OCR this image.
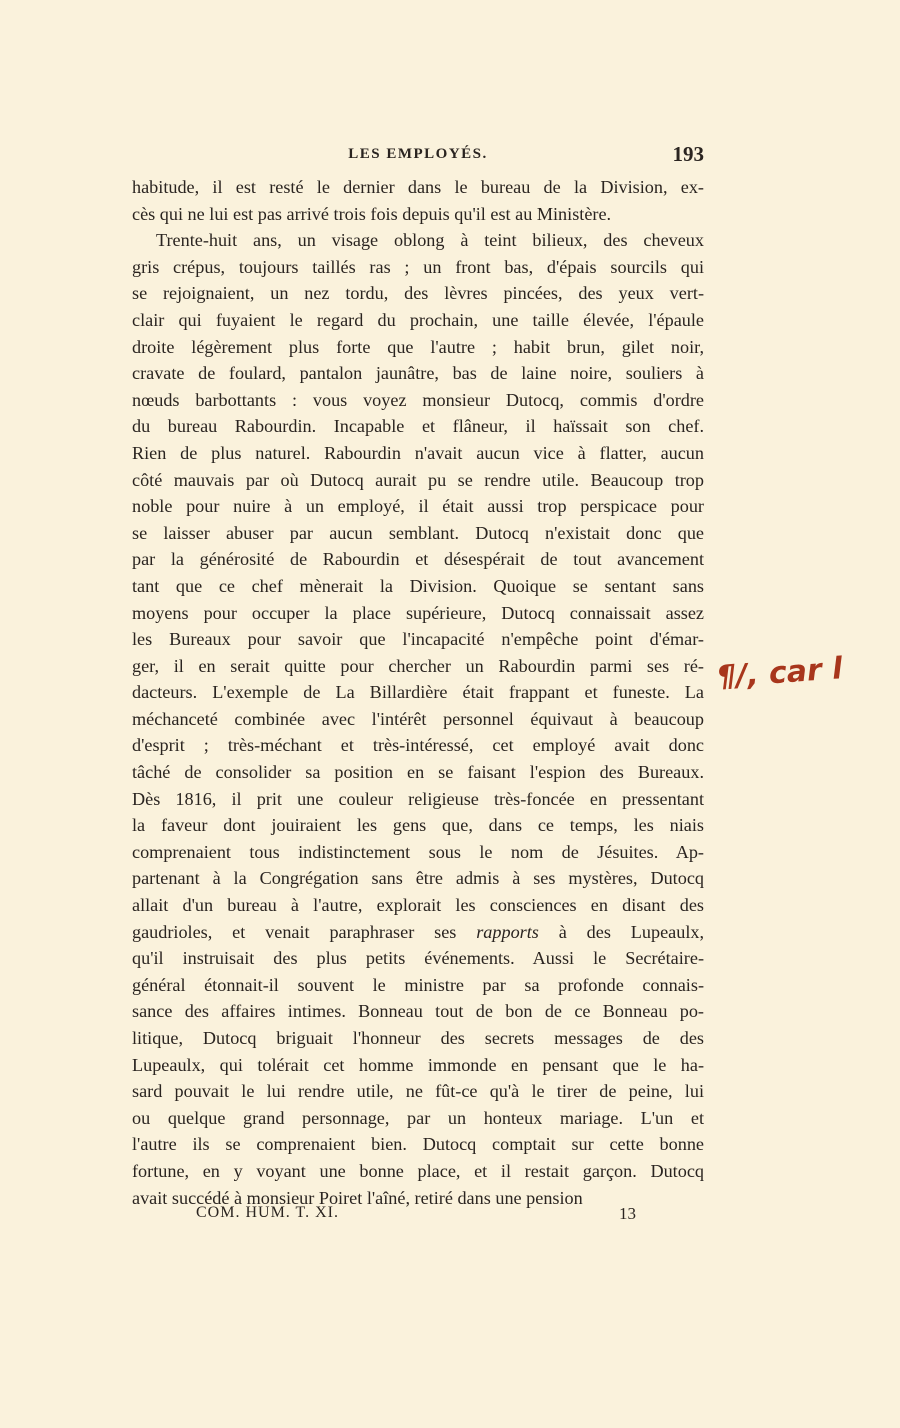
LES EMPLOYÉS.	193
habitude, il est resté le dernier dans le bureau de la Division, ex-
cès qui ne lui est pas arrivé trois fois depuis qu'il est au Ministère.
Trente-huit ans, un visage oblong à teint bilieux, des cheveux
gris crépus, toujours taillés ras ; un front bas, d'épais sourcils qui
se rejoignaient, un nez tordu, des lèvres pincées, des yeux vert-
clair qui fuyaient le regard du prochain, une taille élevée, l'épaule
droite légèrement plus forte que l'autre ; habit brun, gilet noir,
cravate de foulard, pantalon jaunâtre, bas de laine noire, souliers à
nœuds barbottants : vous voyez monsieur Dutocq, commis d'ordre
du bureau Rabourdin. Incapable et flâneur, il haïssait son chef.
Rien de plus naturel. Rabourdin n'avait aucun vice à flatter, aucun
côté mauvais par où Dutocq aurait pu se rendre utile. Beaucoup trop
noble pour nuire à un employé, il était aussi trop perspicace pour
se laisser abuser par aucun semblant. Dutocq n'existait donc que
par la générosité de Rabourdin et désespérait de tout avancement
tant que ce chef mènerait la Division. Quoique se sentant sans
moyens pour occuper la place supérieure, Dutocq connaissait assez
les Bureaux pour savoir que l'incapacité n'empêche point d'émar-
ger, il en serait quitte pour chercher un Rabourdin parmi ses ré-
dacteurs. L'exemple de La Billardière était frappant et funeste. La
méchanceté combinée avec l'intérêt personnel équivaut à beaucoup
d'esprit ; très-méchant et très-intéressé, cet employé avait donc
tâché de consolider sa position en se faisant l'espion des Bureaux.
Dès 1816, il prit une couleur religieuse très-foncée en pressentant
la faveur dont jouiraient les gens que, dans ce temps, les niais
comprenaient tous indistinctement sous le nom de Jésuites. Ap-
partenant à la Congrégation sans être admis à ses mystères, Dutocq
allait d'un bureau à l'autre, explorait les consciences en disant des
gaudrioles, et venait paraphraser ses rapports à des Lupeaulx,
qu'il instruisait des plus petits événements. Aussi le Secrétaire-
général étonnait-il souvent le ministre par sa profonde connais-
sance des affaires intimes. Bonneau tout de bon de ce Bonneau po-
litique, Dutocq briguait l'honneur des secrets messages de des
Lupeaulx, qui tolérait cet homme immonde en pensant que le ha-
sard pouvait le lui rendre utile, ne fût-ce qu'à le tirer de peine, lui
ou quelque grand personnage, par un honteux mariage. L'un et
l'autre ils se comprenaient bien. Dutocq comptait sur cette bonne
fortune, en y voyant une bonne place, et il restait garçon. Dutocq
avait succédé à monsieur Poiret l'aîné, retiré dans une pension
¶/, car l
COM. HUM. T. XI.	13
